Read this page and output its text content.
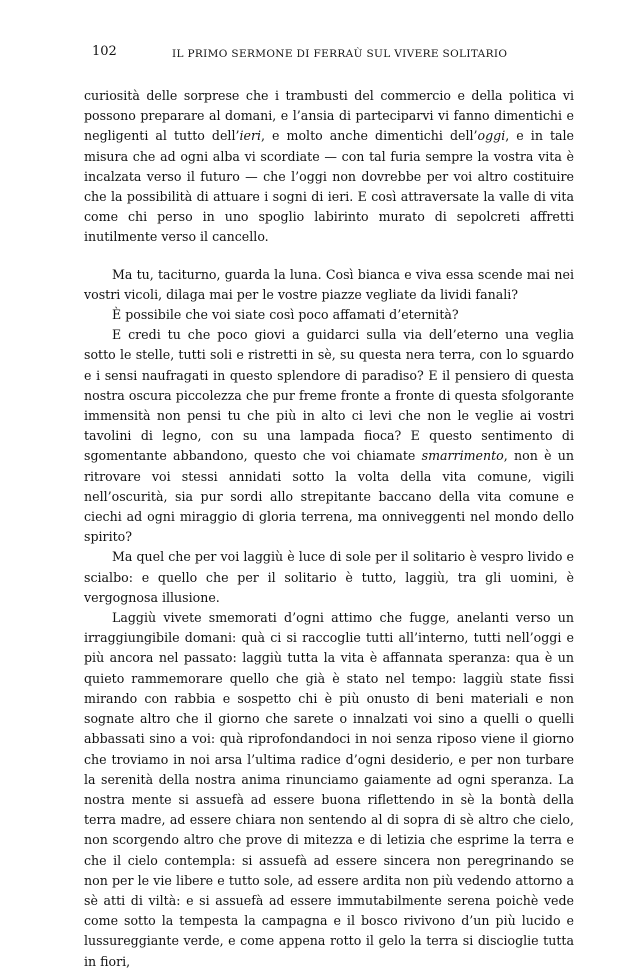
102	IL PRIMO SERMONE DI FERRAÙ SUL VIVERE SOLITARIO

curiosità delle sorprese che i trambusti del commercio e della politica vi possono preparare al domani, e l’ansia di parteciparvi vi fanno dimentichi e negligenti al tutto dell’ieri, e molto anche dimentichi dell’oggi, e in tale misura che ad ogni alba vi scordiate — con tal furia sempre la vostra vita è incalzata verso il futuro — che l’oggi non dovrebbe per voi altro costituire che la possibilità di attuare i sogni di ieri. E così attraversate la valle di vita come chi perso in uno spoglio labirinto murato di sepolcreti affretti inutilmente verso il cancello.

Ma tu, taciturno, guarda la luna. Così bianca e viva essa scende mai nei vostri vicoli, dilaga mai per le vostre piazze vegliate da lividi fanali?

È possibile che voi siate così poco affamati d’eternità?

E credi tu che poco giovi a guidarci sulla via dell’eterno una veglia sotto le stelle, tutti soli e ristretti in sè, su questa nera terra, con lo sguardo e i sensi naufragati in questo splendore di paradiso? E il pensiero di questa nostra oscura piccolezza che pur freme fronte a fronte di questa sfolgorante immensità non pensi tu che più in alto ci levi che non le veglie ai vostri tavolini di legno, con su una lampada fioca? E questo sentimento di sgomentante abbandono, questo che voi chiamate smarrimento, non è un ritrovare voi stessi annidati sotto la volta della vita comune, vigili nell’oscurità, sia pur sordi allo strepitante baccano della vita comune e ciechi ad ogni miraggio di gloria terrena, ma onniveggenti nel mondo dello spirito?

Ma quel che per voi laggiù è luce di sole per il solitario è vespro livido e scialbo: e quello che per il solitario è tutto, laggiù, tra gli uomini, è vergognosa illusione.

Laggiù vivete smemorati d’ogni attimo che fugge, anelanti verso un irraggiungibile domani: quà ci si raccoglie tutti all’interno, tutti nell’oggi e più ancora nel passato: laggiù tutta la vita è affannata speranza: qua è un quieto rammemorare quello che già è stato nel tempo: laggiù state fissi mirando con rabbia e sospetto chi è più onusto di beni materiali e non sognate altro che il giorno che sarete o innalzati voi sino a quelli o quelli abbassati sino a voi: quà riprofondandoci in noi senza riposo viene il giorno che troviamo in noi arsa l’ultima radice d’ogni desiderio, e per non turbare la serenità della nostra anima rinunciamo gaiamente ad ogni speranza. La nostra mente si assuefà ad essere buona riflettendo in sè la bontà della terra madre, ad essere chiara non sentendo al di sopra di sè altro che cielo, non scorgendo altro che prove di mitezza e di letizia che esprime la terra e che il cielo contempla: si assuefà ad essere sincera non peregrinando se non per le vie libere e tutto sole, ad essere ardita non più vedendo attorno a sè atti di viltà: e si assuefà ad essere immutabilmente serena poichè vede come sotto la tempesta la campagna e il bosco rivivono d’un più lucido e lussureggiante verde, e come appena rotto il gelo la terra si discioglie tutta in fiori,
